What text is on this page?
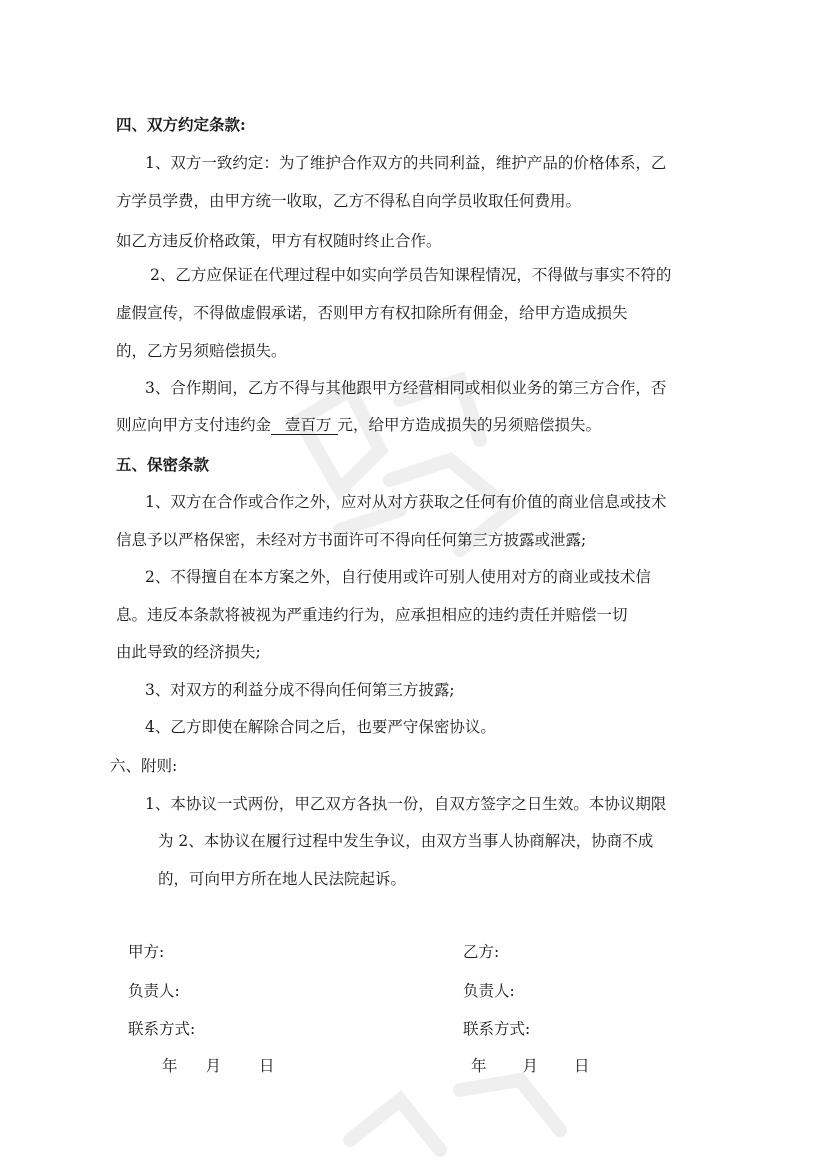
四、双方约定条款:
1、双方一致约定：为了维护合作双方的共同利益，维护产品的价格体系，乙
方学员学费，由甲方统一收取，乙方不得私自向学员收取任何费用。
如乙方违反价格政策，甲方有权随时终止合作。
2、乙方应保证在代理过程中如实向学员告知课程情况，不得做与事实不符的
虚假宣传，不得做虚假承诺，否则甲方有权扣除所有佣金，给甲方造成损失
的，乙方另须赔偿损失。
3、合作期间，乙方不得与其他跟甲方经营相同或相似业务的第三方合作，否
则应向甲方支付违约金 壹百万 元，给甲方造成损失的另须赔偿损失。
五、保密条款
1、双方在合作或合作之外，应对从对方获取之任何有价值的商业信息或技术
信息予以严格保密，未经对方书面许可不得向任何第三方披露或泄露;
2、不得擅自在本方案之外，自行使用或许可别人使用对方的商业或技术信
息。违反本条款将被视为严重违约行为，应承担相应的违约责任并赔偿一切
由此导致的经济损失;
3、对双方的利益分成不得向任何第三方披露;
4、乙方即使在解除合同之后，也要严守保密协议。
六、附则:
1、本协议一式两份，甲乙双方各执一份，自双方签字之日生效。本协议期限
为 2、本协议在履行过程中发生争议，由双方当事人协商解决，协商不成
的，可向甲方所在地人民法院起诉。
甲方:	乙方:
负责人:	负责人:
联系方式:	联系方式:
年 月 日	年 月 日
